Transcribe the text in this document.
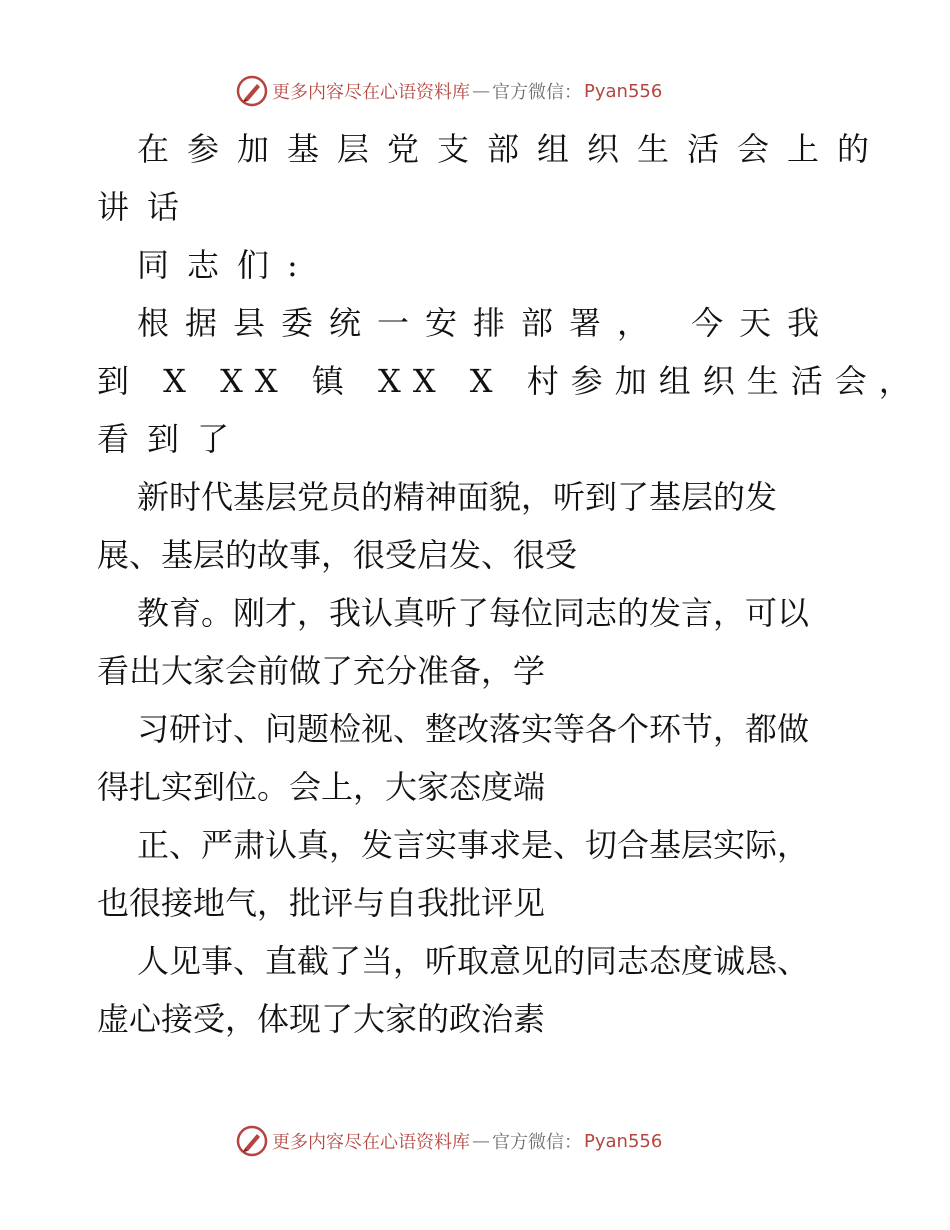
更多内容尽在心语资料库 — 官方微信： Pyan556
在参加基层党支部组织生活会上的
讲话
同志们:
根据县委统一安排部署， 今天我
到 X XX 镇 XX X 村参加组织生活会，
看到了
新时代基层党员的精神面貌，听到了基层的发
展、基层的故事，很受启发、很受
教育。刚才，我认真听了每位同志的发言，可以
看出大家会前做了充分准备，学
习研讨、问题检视、整改落实等各个环节，都做
得扎实到位。会上，大家态度端
正、严肃认真，发言实事求是、切合基层实际，
也很接地气，批评与自我批评见
人见事、直截了当，听取意见的同志态度诚恳、
虚心接受，体现了大家的政治素
更多内容尽在心语资料库 — 官方微信： Pyan556
